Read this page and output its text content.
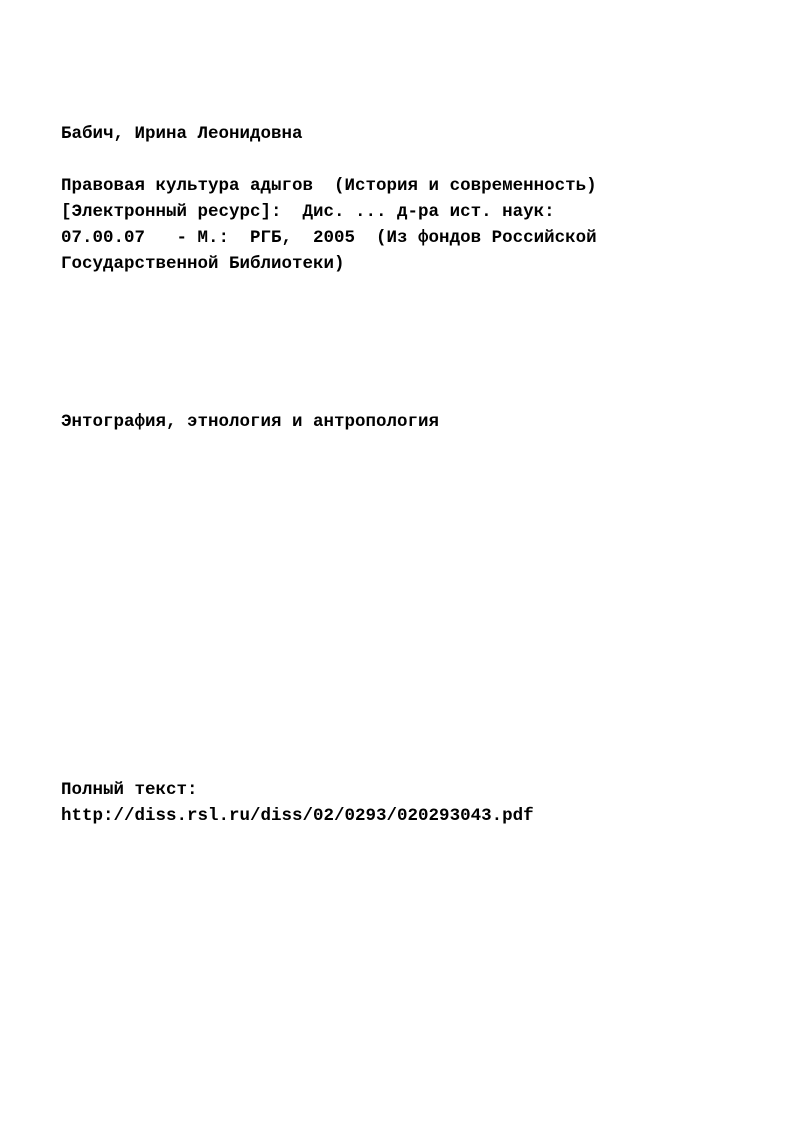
Бабич, Ирина Леонидовна

Правовая культура адыгов  (История и современность)

[Электронный ресурс]:  Дис. ... д-ра ист. наук:

07.00.07   - М.:  РГБ,  2005  (Из фондов Российской

Государственной Библиотеки)

Энтография, этнология и антропология

Полный текст:

http://diss.rsl.ru/diss/02/0293/020293043.pdf
